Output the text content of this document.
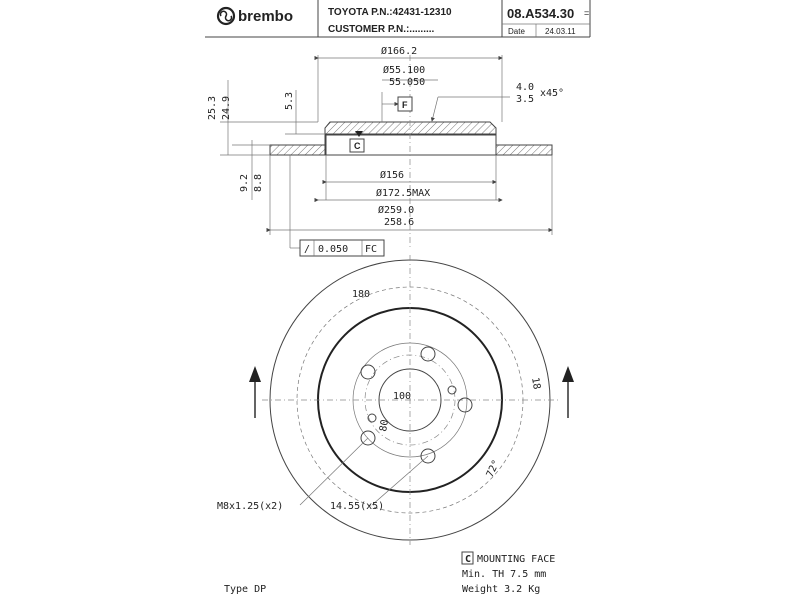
brembo	TOYOTA P.N.:42431-12310
CUSTOMER P.N.:.........
08.A534.30 =
Date	24.03.11
Ø166.2
Ø55.100
55.050	4.0
3.5
x45°
25.3 24.9	5.3	F
C
9.2 8.8	Ø156
Ø172.5MAX
Ø259.0
258.6
/ 0.050 FC
180
18
100
80
72°
M8x1.25(x2)	14.55(x5)
C MOUNTING FACE
Min. TH 7.5 mm
Weight 3.2 Kg
Type DP
